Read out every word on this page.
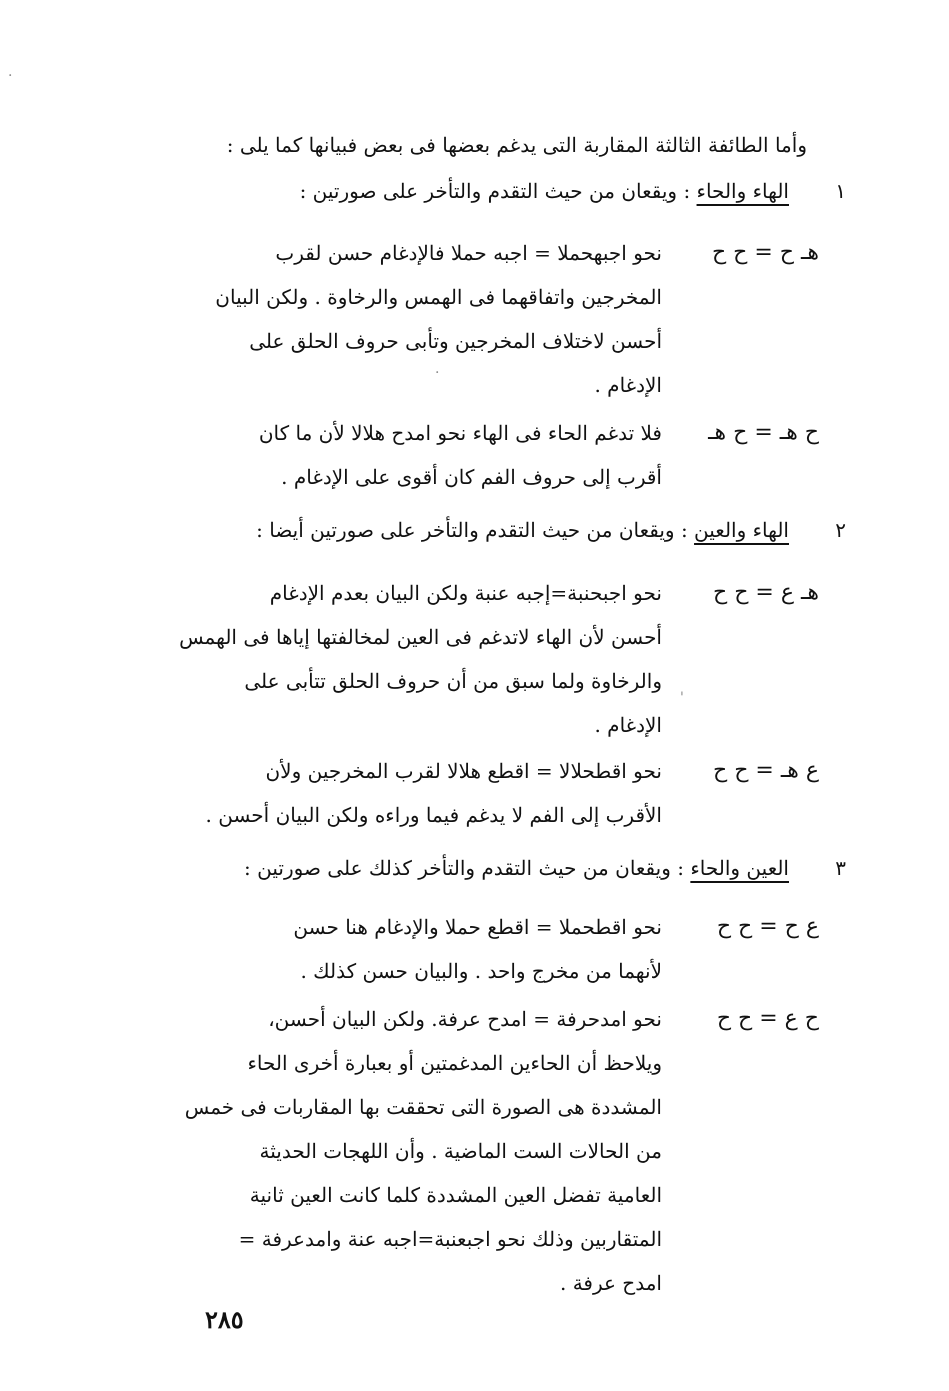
وأما الطائفة الثالثة المقاربة التى يدغم بعضها فى بعض فبيانها كما يلى :
١
الهاء والحاء : ويقعان من حيث التقدم والتأخر على صورتين :
هـ ح = ح ح
نحو اجبهحملا = اجبه حملا فالإدغام حسن لقرب
المخرجين واتفاقهما فى الهمس والرخاوة . ولكن البيان
أحسن لاختلاف المخرجين وتأبى حروف الحلق على
الإدغام .
ح هـ = ح هـ
فلا تدغم الحاء فى الهاء نحو امدح هلالا لأن ما كان
أقرب إلى حروف الفم كان أقوى على الإدغام .
٢
الهاء والعين : ويقعان من حيث التقدم والتأخر على صورتين أيضا :
هـ ع = ح ح
نحو اجبحنبة=إجبه عنبة ولكن البيان بعدم الإدغام
أحسن لأن الهاء لاتدغم فى العين لمخالفتها إياها فى الهمس
والرخاوة ولما سبق من أن حروف الحلق تتأبى على
الإدغام .
ع هـ = ح ح
نحو اقطحلالا = اقطع هلالا لقرب المخرجين ولأن
الأقرب إلى الفم لا يدغم فيما وراءه ولكن البيان أحسن .
٣
العين والحاء : ويقعان من حيث التقدم والتأخر كذلك على صورتين :
ع ح = ح ح
نحو اقطحملا = اقطع حملا والإدغام هنا حسن
لأنهما من مخرج واحد . والبيان حسن كذلك .
ح ع = ح ح
نحو امدحرفة = امدح عرفة. ولكن البيان أحسن،
ويلاحظ أن الحاءين المدغمتين أو بعبارة أخرى الحاء
المشددة هى الصورة التى تحققت بها المقاربات فى خمس
من الحالات الست الماضية . وأن اللهجات الحديثة
العامية تفضل العين المشددة كلما كانت العين ثانية
المتقاربين وذلك نحو اجبعنبة=اجبه عنة وامدعرفة =
امدح عرفة .
٢٨٥
·
·
'
